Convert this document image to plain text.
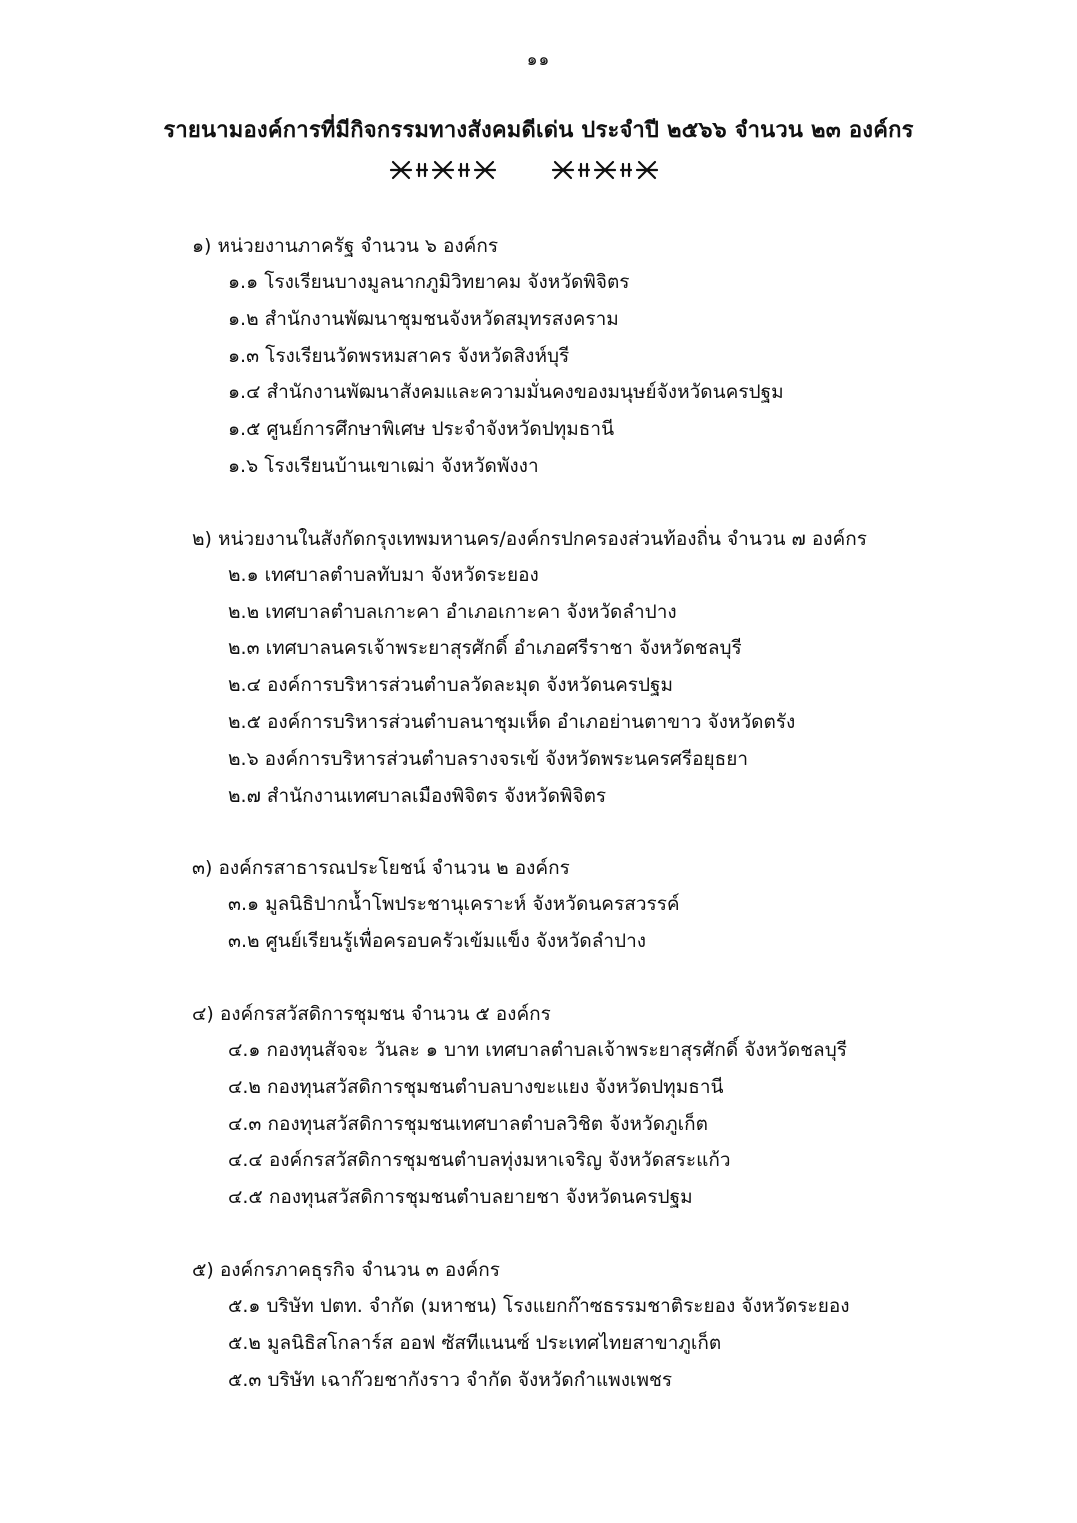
๑๑
รายนามองค์การที่มีกิจกรรมทางสังคมดีเด่น ประจำปี ๒๕๖๖ จำนวน ๒๓ องค์กร
๑) หน่วยงานภาครัฐ จำนวน ๖ องค์กร
๑.๑ โรงเรียนบางมูลนากภูมิวิทยาคม จังหวัดพิจิตร
๑.๒ สำนักงานพัฒนาชุมชนจังหวัดสมุทรสงคราม
๑.๓ โรงเรียนวัดพรหมสาคร จังหวัดสิงห์บุรี
๑.๔ สำนักงานพัฒนาสังคมและความมั่นคงของมนุษย์จังหวัดนครปฐม
๑.๕ ศูนย์การศึกษาพิเศษ ประจำจังหวัดปทุมธานี
๑.๖ โรงเรียนบ้านเขาเฒ่า จังหวัดพังงา
๒) หน่วยงานในสังกัดกรุงเทพมหานคร/องค์กรปกครองส่วนท้องถิ่น จำนวน ๗ องค์กร
๒.๑ เทศบาลตำบลทับมา จังหวัดระยอง
๒.๒ เทศบาลตำบลเกาะคา อำเภอเกาะคา จังหวัดลำปาง
๒.๓ เทศบาลนครเจ้าพระยาสุรศักดิ์ อำเภอศรีราชา จังหวัดชลบุรี
๒.๔ องค์การบริหารส่วนตำบลวัดละมุด จังหวัดนครปฐม
๒.๕ องค์การบริหารส่วนตำบลนาชุมเห็ด อำเภอย่านตาขาว จังหวัดตรัง
๒.๖ องค์การบริหารส่วนตำบลรางจรเข้ จังหวัดพระนครศรีอยุธยา
๒.๗ สำนักงานเทศบาลเมืองพิจิตร จังหวัดพิจิตร
๓) องค์กรสาธารณประโยชน์ จำนวน ๒ องค์กร
๓.๑ มูลนิธิปากน้ำโพประชานุเคราะห์ จังหวัดนครสวรรค์
๓.๒ ศูนย์เรียนรู้เพื่อครอบครัวเข้มแข็ง จังหวัดลำปาง
๔) องค์กรสวัสดิการชุมชน จำนวน ๕ องค์กร
๔.๑ กองทุนสัจจะ วันละ ๑ บาท เทศบาลตำบลเจ้าพระยาสุรศักดิ์ จังหวัดชลบุรี
๔.๒ กองทุนสวัสดิการชุมชนตำบลบางขะแยง จังหวัดปทุมธานี
๔.๓ กองทุนสวัสดิการชุมชนเทศบาลตำบลวิชิต จังหวัดภูเก็ต
๔.๔ องค์กรสวัสดิการชุมชนตำบลทุ่งมหาเจริญ จังหวัดสระแก้ว
๔.๕ กองทุนสวัสดิการชุมชนตำบลยายชา จังหวัดนครปฐม
๕) องค์กรภาคธุรกิจ จำนวน ๓ องค์กร
๕.๑ บริษัท ปตท. จำกัด (มหาชน) โรงแยกก๊าซธรรมชาติระยอง จังหวัดระยอง
๕.๒ มูลนิธิสโกลาร์ส ออฟ ซัสทีแนนซ์ ประเทศไทยสาขาภูเก็ต
๕.๓ บริษัท เฉาก๊วยชากังราว จำกัด จังหวัดกำแพงเพชร
